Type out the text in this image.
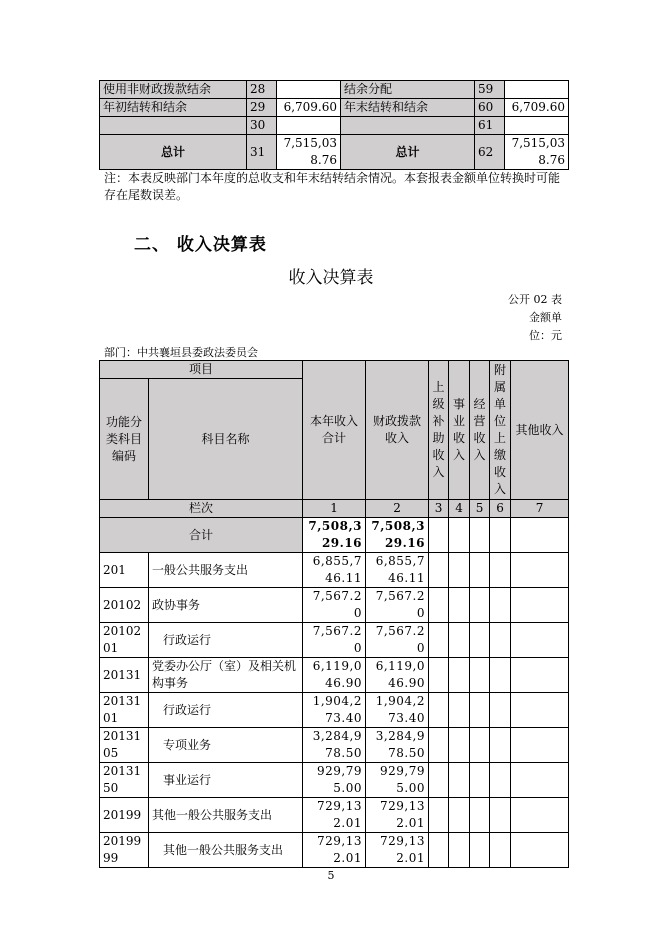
使用非财政拨款结余	28		结余分配	59	
年初结转和结余	29	6,709.60	年末结转和结余	60	6,709.60
	30			61	
总计	31	7,515,038.76	总计	62	7,515,038.76
注：本表反映部门本年度的总收支和年末结转结余情况。本套报表金额单位转换时可能存在尾数误差。
二、 收入决算表
收入决算表
公开 02 表
金额单位：元
部门：中共襄垣县委政法委员会
项目		本年收入合计	财政拨款收入	上级补助收入	事业收入	经营收入	附属单位上缴收入	其他收入
功能分类科目编码	科目名称							
栏次		1	2	3	4	5	6	7
合计		7,508,329.16	7,508,329.16					
201	一般公共服务支出	6,855,746.11	6,855,746.11					
20102	政协事务	7,567.20	7,567.20					
2010201	行政运行	7,567.20	7,567.20					
20131	党委办公厅（室）及相关机构事务	6,119,046.90	6,119,046.90					
2013101	行政运行	1,904,273.40	1,904,273.40					
2013105	专项业务	3,284,978.50	3,284,978.50					
2013150	事业运行	929,795.00	929,795.00					
20199	其他一般公共服务支出	729,132.01	729,132.01					
2019999	其他一般公共服务支出	729,132.01	729,132.01					
5
